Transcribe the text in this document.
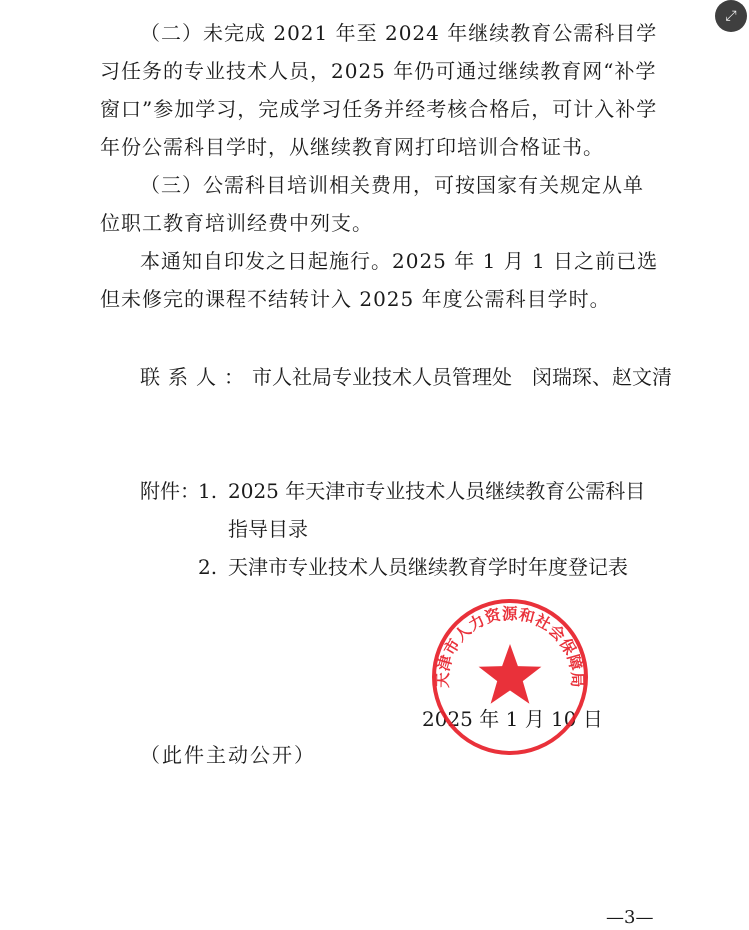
（二）未完成 2021 年至 2024 年继续教育公需科目学习任务的专业技术人员，2025 年仍可通过继续教育网“补学窗口”参加学习，完成学习任务并经考核合格后，可计入补学年份公需科目学时，从继续教育网打印培训合格证书。

（三）公需科目培训相关费用，可按国家有关规定从单位职工教育培训经费中列支。

本通知自印发之日起施行。2025 年 1 月 1 日之前已选但未修完的课程不结转计入 2025 年度公需科目学时。

联系人：市人社局专业技术人员管理处　闵瑞琛、赵文清
附件：
1. 2025 年天津市专业技术人员继续教育公需科目指导目录
2. 天津市专业技术人员继续教育学时年度登记表
2025 年 1 月 10 日
天津市人力资源和社会保障局
（此件主动公开）
—3—
⤢
